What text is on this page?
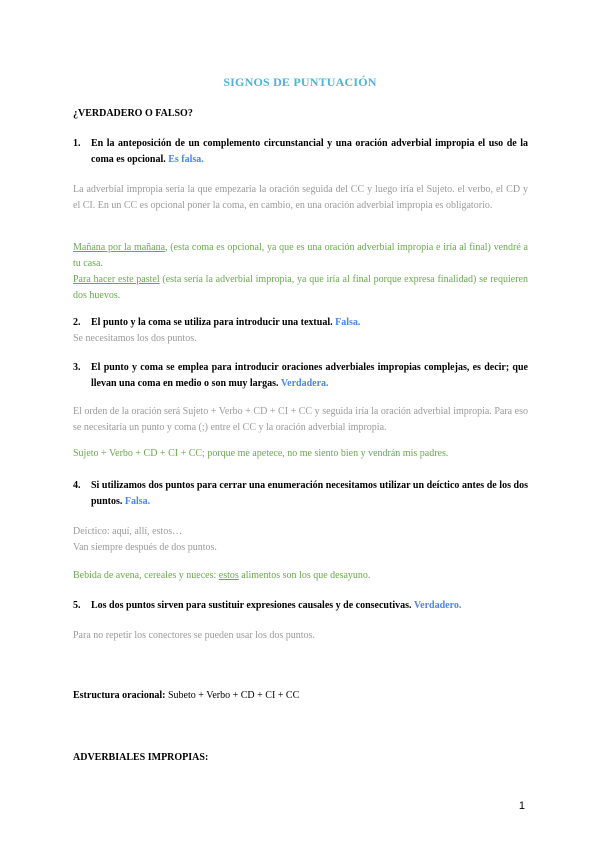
SIGNOS DE PUNTUACIÓN
¿VERDADERO O FALSO?
1. En la anteposición de un complemento circunstancial y una oración adverbial impropia el uso de la coma es opcional. Es falsa.
La adverbial impropia sería la que empezaría la oración seguida del CC y luego iría el Sujeto. el verbo, el CD y el CI. En un CC es opcional poner la coma, en cambio, en una oración adverbial impropia es obligatorio.
Mañana por la mañana, (esta coma es opcional, ya que es una oración adverbial impropia e iría al final) vendré a tu casa.
Para hacer este pastel (esta sería la adverbial impropia, ya que iría al final porque expresa finalidad) se requieren dos huevos.
2. El punto y la coma se utiliza para introducir una textual. Falsa.
Se necesitamos los dos puntos.
3. El punto y coma se emplea para introducir oraciones adverbiales impropias complejas, es decir; que llevan una coma en medio o son muy largas. Verdadera.
El orden de la oración será Sujeto + Verbo + CD + CI + CC y seguida iría la oración adverbial impropia. Para eso se necesitaría un punto y coma (;) entre el CC y la oración adverbial impropia.
Sujeto + Verbo + CD + CI + CC; porque me apetece, no me siento bien y vendrán mis padres.
4. Si utilizamos dos puntos para cerrar una enumeración necesitamos utilizar un deíctico antes de los dos puntos. Falsa.
Deíctico: aquí, allí, estos…
Van siempre después de dos puntos.
Bebida de avena, cereales y nueces: estos alimentos son los que desayuno.
5. Los dos puntos sirven para sustituir expresiones causales y de consecutivas. Verdadero.
Para no repetir los conectores se pueden usar los dos puntos.
Estructura oracional: Subeto + Verbo + CD + CI + CC
ADVERBIALES IMPROPIAS:
1
